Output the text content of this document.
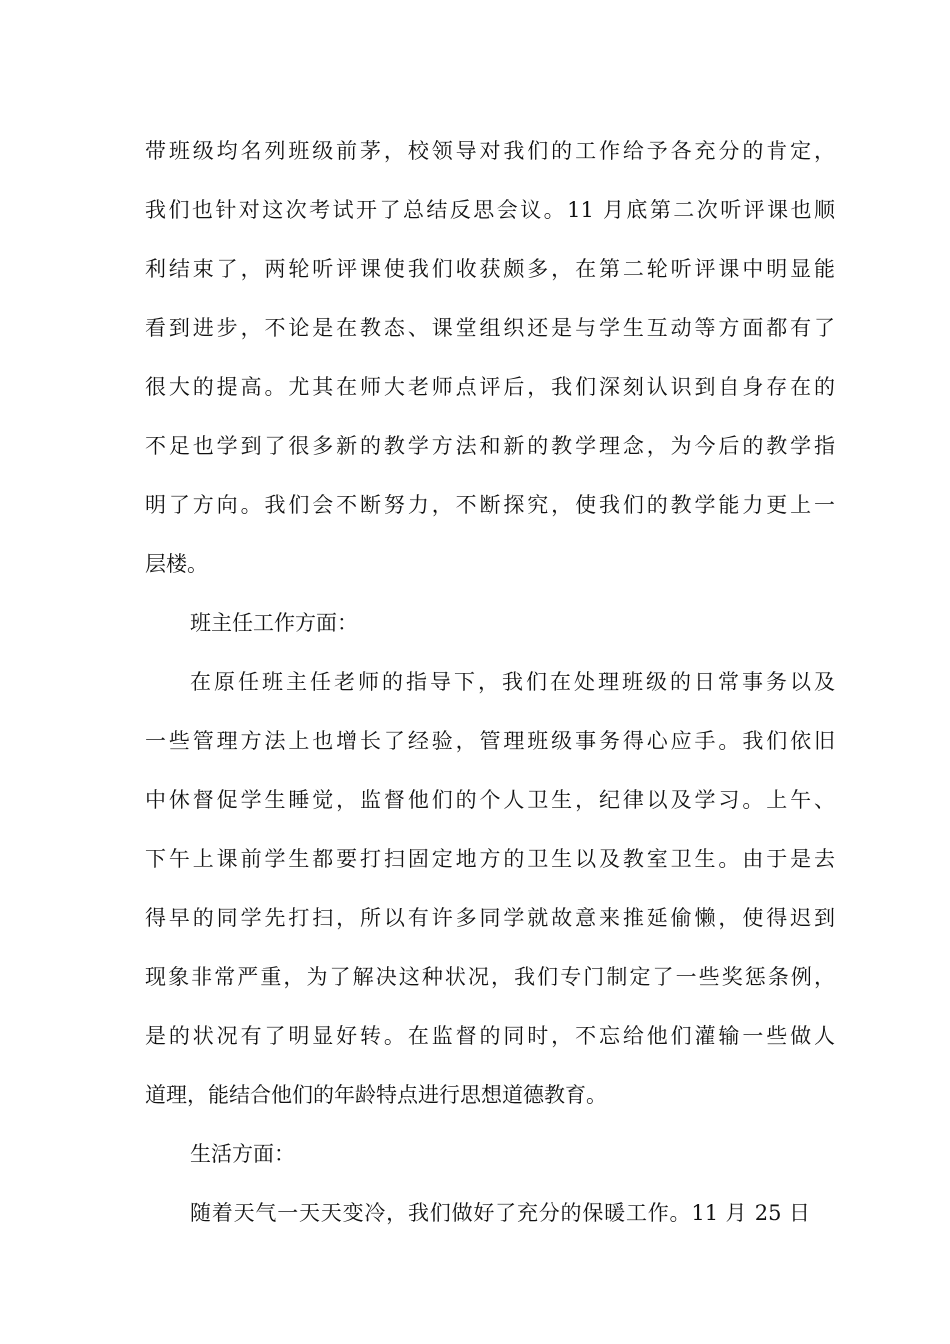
带班级均名列班级前茅，校领导对我们的工作给予各充分的肯定，
我们也针对这次考试开了总结反思会议。11 月底第二次听评课也顺
利结束了，两轮听评课使我们收获颇多，在第二轮听评课中明显能
看到进步，不论是在教态、课堂组织还是与学生互动等方面都有了
很大的提高。尤其在师大老师点评后，我们深刻认识到自身存在的
不足也学到了很多新的教学方法和新的教学理念，为今后的教学指
明了方向。我们会不断努力，不断探究，使我们的教学能力更上一
层楼。
班主任工作方面：
在原任班主任老师的指导下，我们在处理班级的日常事务以及
一些管理方法上也增长了经验，管理班级事务得心应手。我们依旧
中休督促学生睡觉，监督他们的个人卫生，纪律以及学习。上午、
下午上课前学生都要打扫固定地方的卫生以及教室卫生。由于是去
得早的同学先打扫，所以有许多同学就故意来推延偷懒，使得迟到
现象非常严重，为了解决这种状况，我们专门制定了一些奖惩条例，
是的状况有了明显好转。在监督的同时，不忘给他们灌输一些做人
道理，能结合他们的年龄特点进行思想道德教育。
生活方面：
随着天气一天天变冷，我们做好了充分的保暖工作。11 月 25 日
